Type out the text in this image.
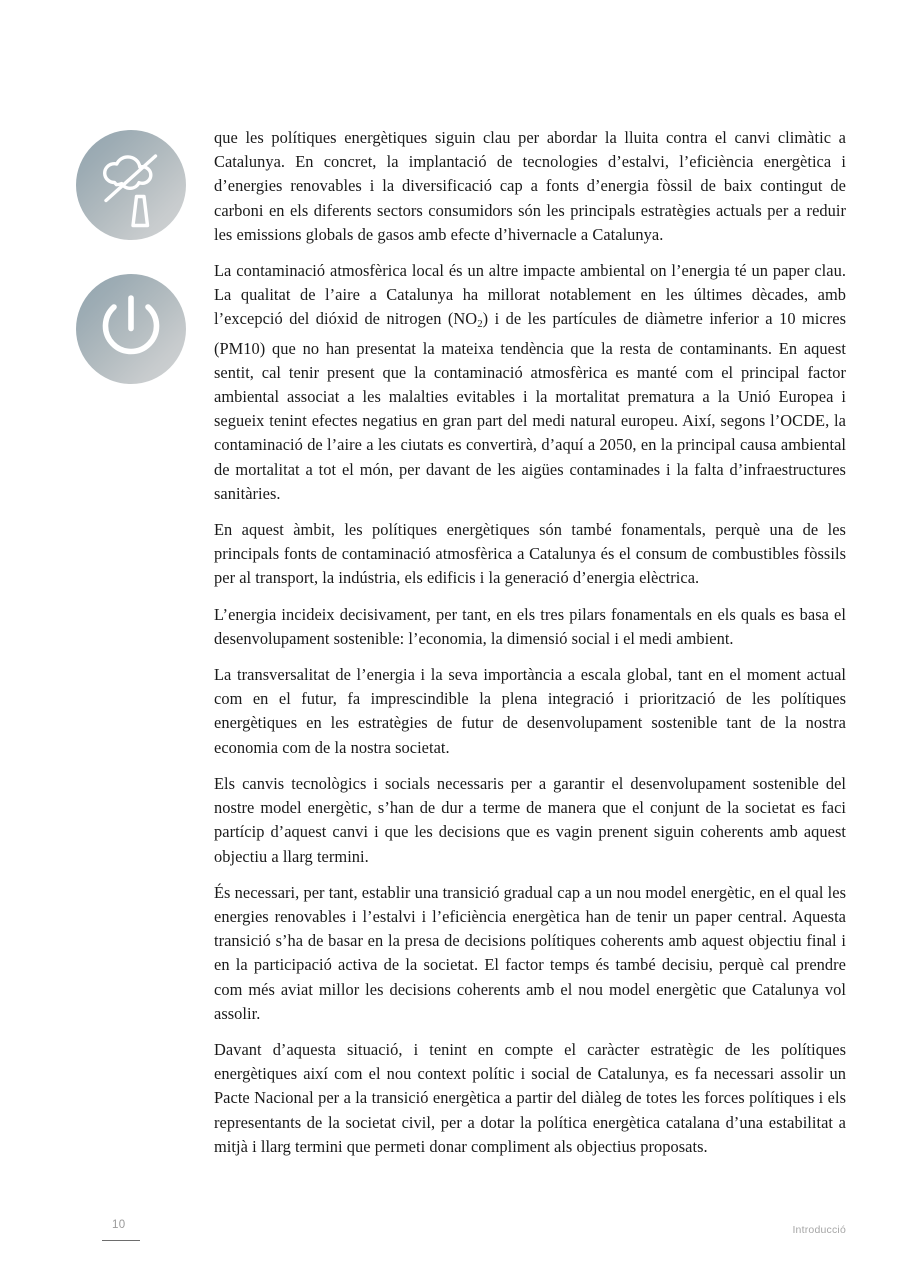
que les polítiques energètiques siguin clau per abordar la lluita contra el canvi climàtic a Catalunya. En concret, la implantació de tecnologies d’estalvi, l’eficiència energètica i d’energies renovables i la diversificació cap a fonts d’energia fòssil de baix contingut de carboni en els diferents sectors consumidors són les principals estratègies actuals per a reduir les emissions globals de gasos amb efecte d’hivernacle a Catalunya.

La contaminació atmosfèrica local és un altre impacte ambiental on l’energia té un paper clau. La qualitat de l’aire a Catalunya ha millorat notablement en les últimes dècades, amb l’excepció del dióxid de nitrogen $(NO_2)$ i de les partícules de diàmetre inferior a 10 micres (PM10) que no han presentat la mateixa tendència que la resta de contaminants. En aquest sentit, cal tenir present que la contaminació atmosfèrica es manté com el principal factor ambiental associat a les malalties evitables i la mortalitat prematura a la Unió Europea i segueix tenint efectes negatius en gran part del medi natural europeu. Així, segons l’OCDE, la contaminació de l’aire a les ciutats es convertirà, d’aquí a 2050, en la principal causa ambiental de mortalitat a tot el món, per davant de les aigües contaminades i la falta d’infraestructures sanitàries.

En aquest àmbit, les polítiques energètiques són també fonamentals, perquè una de les principals fonts de contaminació atmosfèrica a Catalunya és el consum de combustibles fòssils per al transport, la indústria, els edificis i la generació d’energia elèctrica.

L’energia incideix decisivament, per tant, en els tres pilars fonamentals en els quals es basa el desenvolupament sostenible: l’economia, la dimensió social i el medi ambient.

La transversalitat de l’energia i la seva importància a escala global, tant en el moment actual com en el futur, fa imprescindible la plena integració i priorització de les polítiques energètiques en les estratègies de futur de desenvolupament sostenible tant de la nostra economia com de la nostra societat.

Els canvis tecnològics i socials necessaris per a garantir el desenvolupament sostenible del nostre model energètic, s’han de dur a terme de manera que el conjunt de la societat es faci partícip d’aquest canvi i que les decisions que es vagin prenent siguin coherents amb aquest objectiu a llarg termini.

És necessari, per tant, establir una transició gradual cap a un nou model energètic, en el qual les energies renovables i l’estalvi i l’eficiència energètica han de tenir un paper central. Aquesta transició s’ha de basar en la presa de decisions polítiques coherents amb aquest objectiu final i en la participació activa de la societat. El factor temps és també decisiu, perquè cal prendre com més aviat millor les decisions coherents amb el nou model energètic que Catalunya vol assolir.

Davant d’aquesta situació, i tenint en compte el caràcter estratègic de les polítiques energètiques així com el nou context polític i social de Catalunya, es fa necessari assolir un Pacte Nacional per a la transició energètica a partir del diàleg de totes les forces polítiques i els representants de la societat civil, per a dotar la política energètica catalana d’una estabilitat a mitjà i llarg termini que permeti donar compliment als objectius proposats.

10	Introducció
